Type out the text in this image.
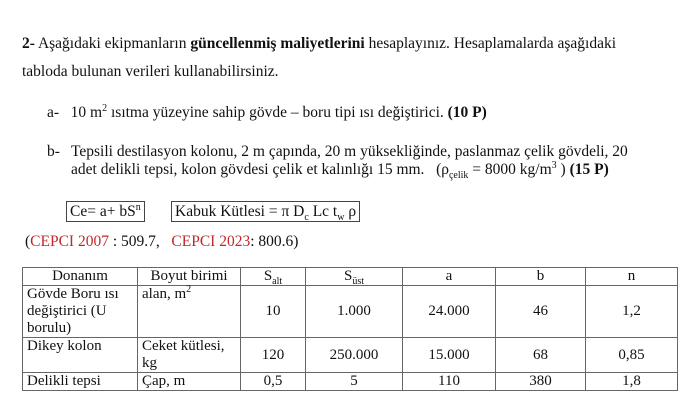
2- Aşağıdaki ekipmanların güncellenmiş maliyetlerini hesaplayınız. Hesaplamalarda aşağıdaki
tabloda bulunan verileri kullanabilirsiniz.
a- 10 $m^2$ ısıtma yüzeyine sahip gövde – boru tipi ısı değiştirici. (10 P)
b- Tepsili destilasyon kolonu, 2 m çapında, 20 m yüksekliğinde, paslanmaz çelik gövdeli, 20
adet delikli tepsi, kolon gövdesi çelik et kalınlığı 15 mm. ($\rho_{çelik} = 8000$ $kg/m^3$ ) (15 P)
$Ce= a+ bS^n$ Kabuk Kütlesi = π $D_c$ Lc $t_w$ ρ
(CEPCI 2007 : 509.7, CEPCI 2023: 800.6)
Donanım	Boyut birimi	$S_{alt}$	$S_{üst}$	a	b	n
Gövde Boru ısı
değiştirici (U
borulu)	alan, $m^2$	10	1.000	24.000	46	1,2
Dikey kolon	Ceket kütlesi,
kg	120	250.000	15.000	68	0,85
Delikli tepsi	Çap, m	0,5	5	110	380	1,8
